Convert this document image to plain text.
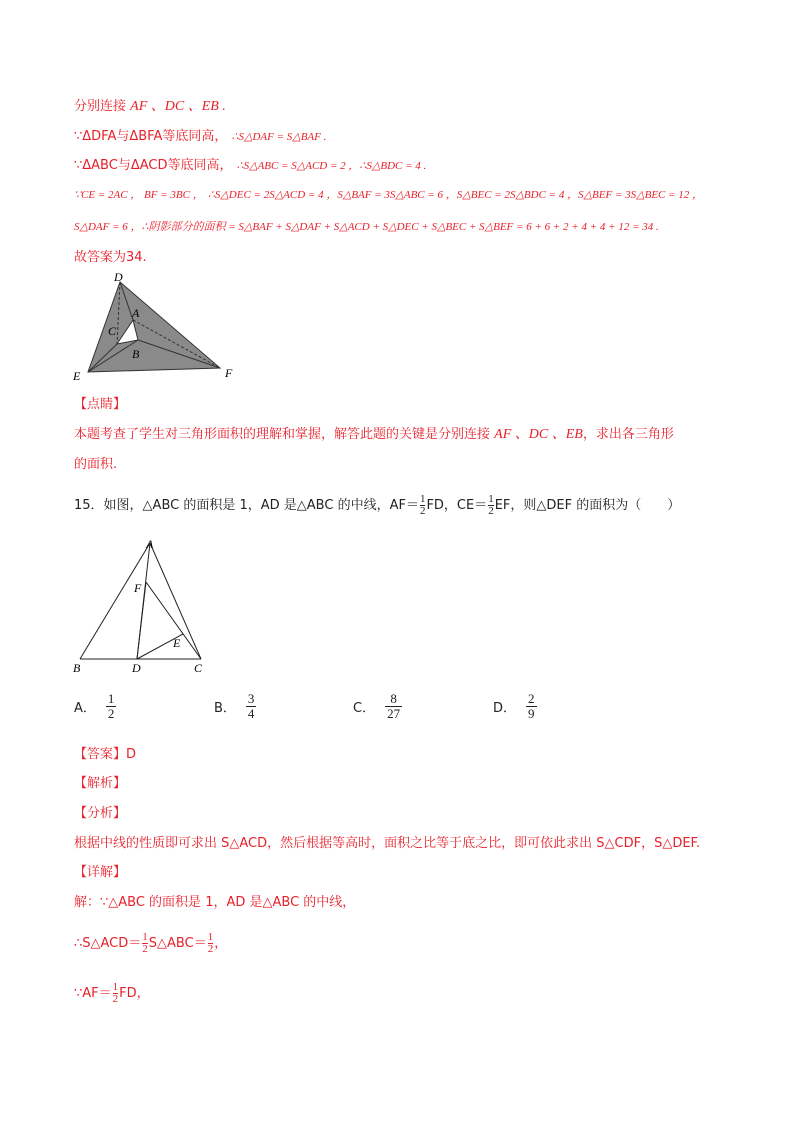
分别连接 AF 、DC 、EB .
∵ΔDFA与ΔBFA等底同高， ∴S△DAF = S△BAF .
∵ΔABC与ΔACD等底同高， ∴S△ABC = S△ACD = 2 ，∴S△BDC = 4 .
∵CE = 2AC ， BF = 3BC ， ∴S△DEC = 2S△ACD = 4 ，S△BAF = 3S△ABC = 6 ，S△BEC = 2S△BDC = 4 ，S△BEF = 3S△BEC = 12 ，
S△DAF = 6 ，∴阴影部分的面积 = S△BAF + S△DAF + S△ACD + S△DEC + S△BEC + S△BEF = 6 + 6 + 2 + 4 + 4 + 12 = 34 .
故答案为34.
D
A
C
B
E	F
【点睛】
本题考查了学生对三角形面积的理解和掌握，解答此题的关键是分别连接 AF 、DC 、EB，求出各三角形
的面积.
15．如图，△ABC 的面积是 1，AD 是△ABC 的中线，$AF= \frac{1}{2}$ FD，$CE= \frac{1}{2}$ EF，则△DEF 的面积为（　　）
A
F
E
B	D	C
A． $\frac{1}{2}$	B． $\frac{3}{4}$	C． $\frac{8}{27}$	D． $\frac{2}{9}$
【答案】D
【解析】
【分析】
根据中线的性质即可求出 S△ACD，然后根据等高时，面积之比等于底之比，即可依此求出 S△CDF，S△DEF.
【详解】
解：∵△ABC 的面积是 1，AD 是△ABC 的中线，
∴S△ACD＝ $\frac{1}{2}$ S△ABC＝ $\frac{1}{2}$ ，
∵AF＝ $\frac{1}{2}$ FD，
